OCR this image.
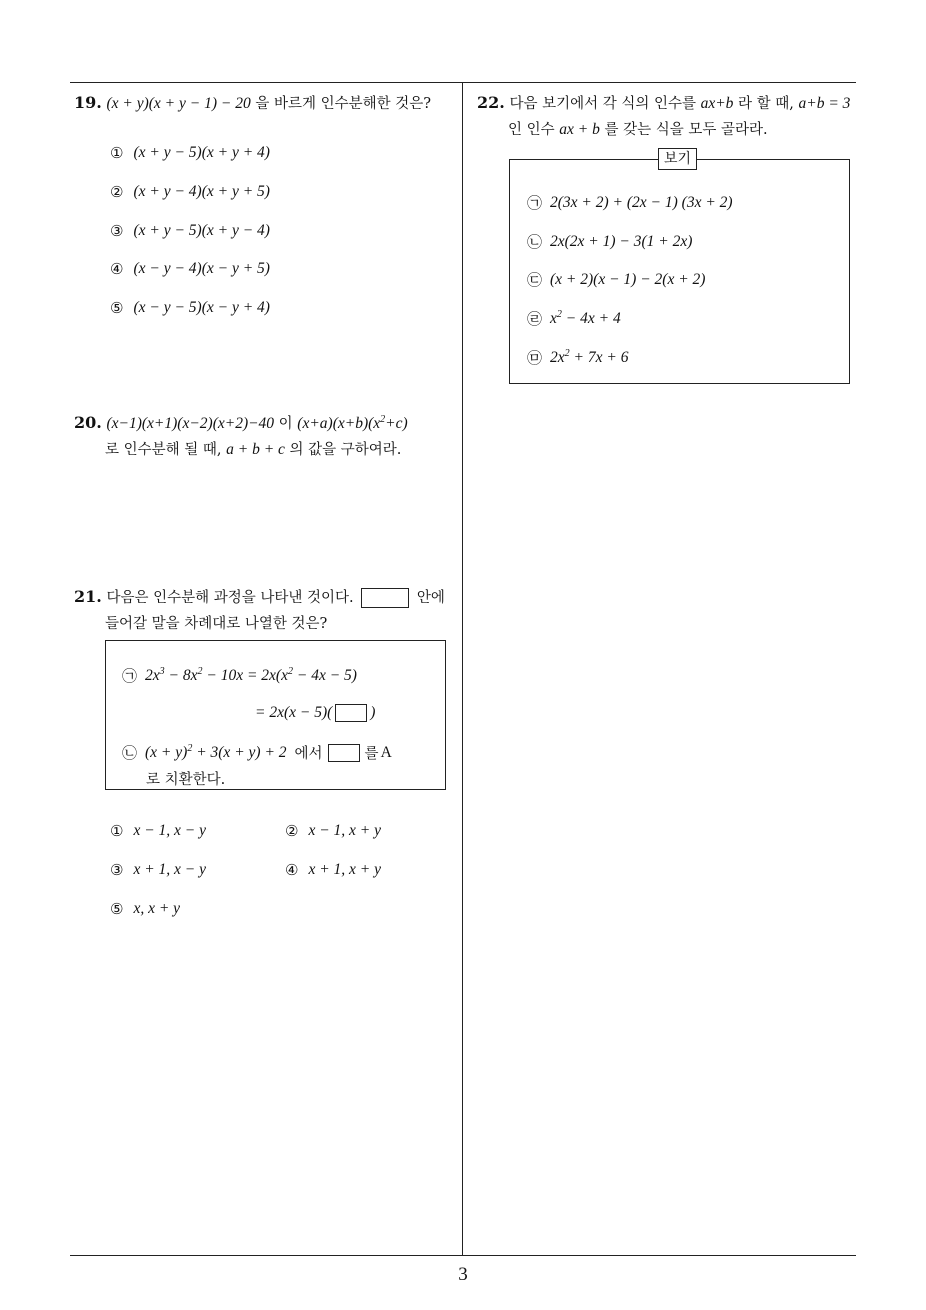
19. (x + y)(x + y − 1) − 20 을 바르게 인수분해한 것은?
① (x + y − 5)(x + y + 4)
② (x + y − 4)(x + y + 5)
③ (x + y − 5)(x + y − 4)
④ (x − y − 4)(x − y + 5)
⑤ (x − y − 5)(x − y + 4)
20. (x−1)(x+1)(x−2)(x+2)−40 이 $(x+a)(x+b)(x^2+c)$
로 인수분해 될 때, a + b + c 의 값을 구하여라.
21. 다음은 인수분해 과정을 나타낸 것이다.	안에
들어갈 말을 차례대로 나열한 것은?
㉠ $2x^3 - 8x^2 - 10x = 2x(x^2 - 4x - 5)$
= 2x(x − 5)( )
㉡ $(x + y)^2 + 3(x + y) + 2$ 에서	를 A
로 치환한다.
① x − 1, x − y	② x − 1, x + y
③ x + 1, x − y	④ x + 1, x + y
⑤ x, x + y
22. 다음 보기에서 각 식의 인수를 ax+b 라 할 때, a+b = 3
인 인수 ax + b 를 갖는 식을 모두 골라라.
보기
㉠ 2(3x + 2) + (2x − 1) (3x + 2)
㉡ 2x(2x + 1) − 3(1 + 2x)
㉢ (x + 2)(x − 1) − 2(x + 2)
㉣ $x^2 - 4x + 4$
㉤ $2x^2 + 7x + 6$
3
